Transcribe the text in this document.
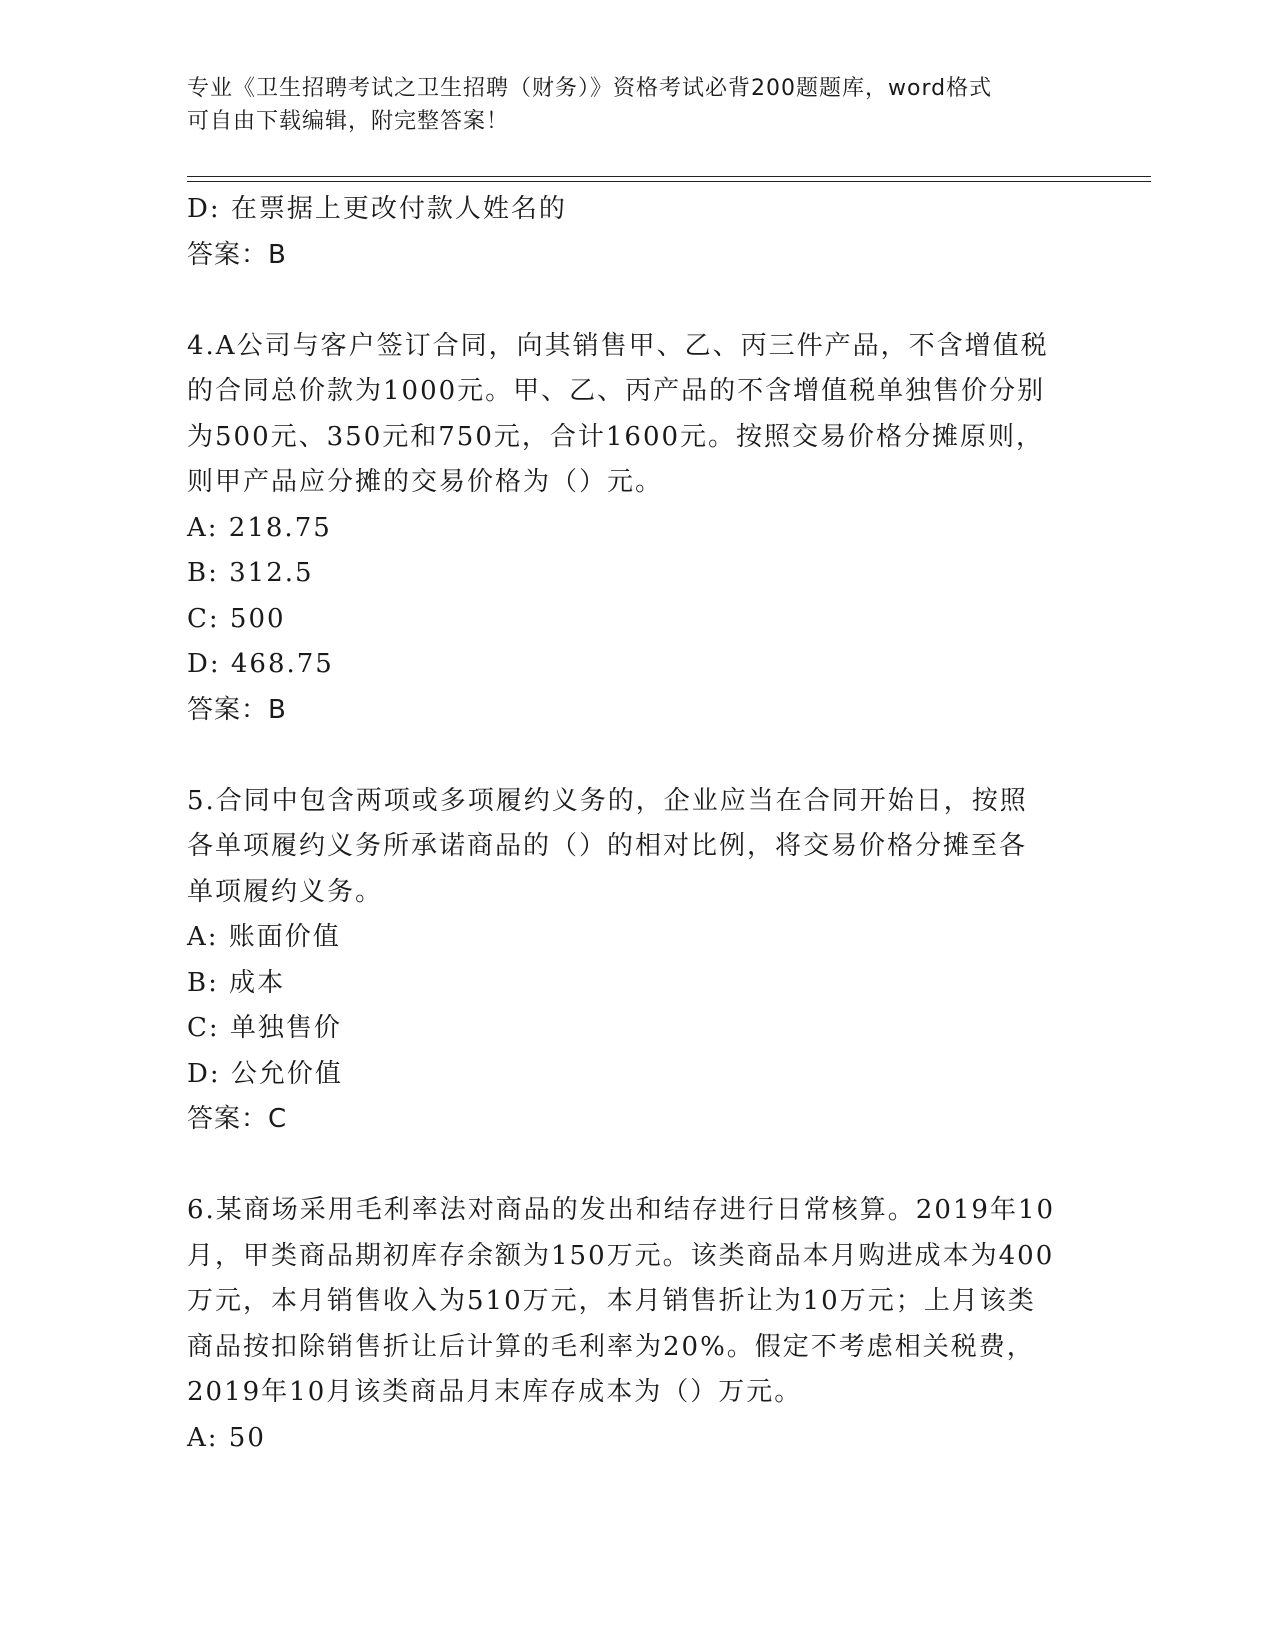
专业《卫生招聘考试之卫生招聘（财务）》资格考试必背200题题库，word格式
可自由下载编辑，附完整答案！
D: 在票据上更改付款人姓名的
答案：B
4.A公司与客户签订合同，向其销售甲、乙、丙三件产品，不含增值税
的合同总价款为1000元。甲、乙、丙产品的不含增值税单独售价分别
为500元、350元和750元，合计1600元。按照交易价格分摊原则，
则甲产品应分摊的交易价格为（）元。
A: 218.75
B: 312.5
C: 500
D: 468.75
答案：B
5.合同中包含两项或多项履约义务的，企业应当在合同开始日，按照
各单项履约义务所承诺商品的（）的相对比例，将交易价格分摊至各
单项履约义务。
A: 账面价值
B: 成本
C: 单独售价
D: 公允价值
答案：C
6.某商场采用毛利率法对商品的发出和结存进行日常核算。2019年10
月，甲类商品期初库存余额为150万元。该类商品本月购进成本为400
万元，本月销售收入为510万元，本月销售折让为10万元；上月该类
商品按扣除销售折让后计算的毛利率为20%。假定不考虑相关税费，
2019年10月该类商品月末库存成本为（）万元。
A: 50
